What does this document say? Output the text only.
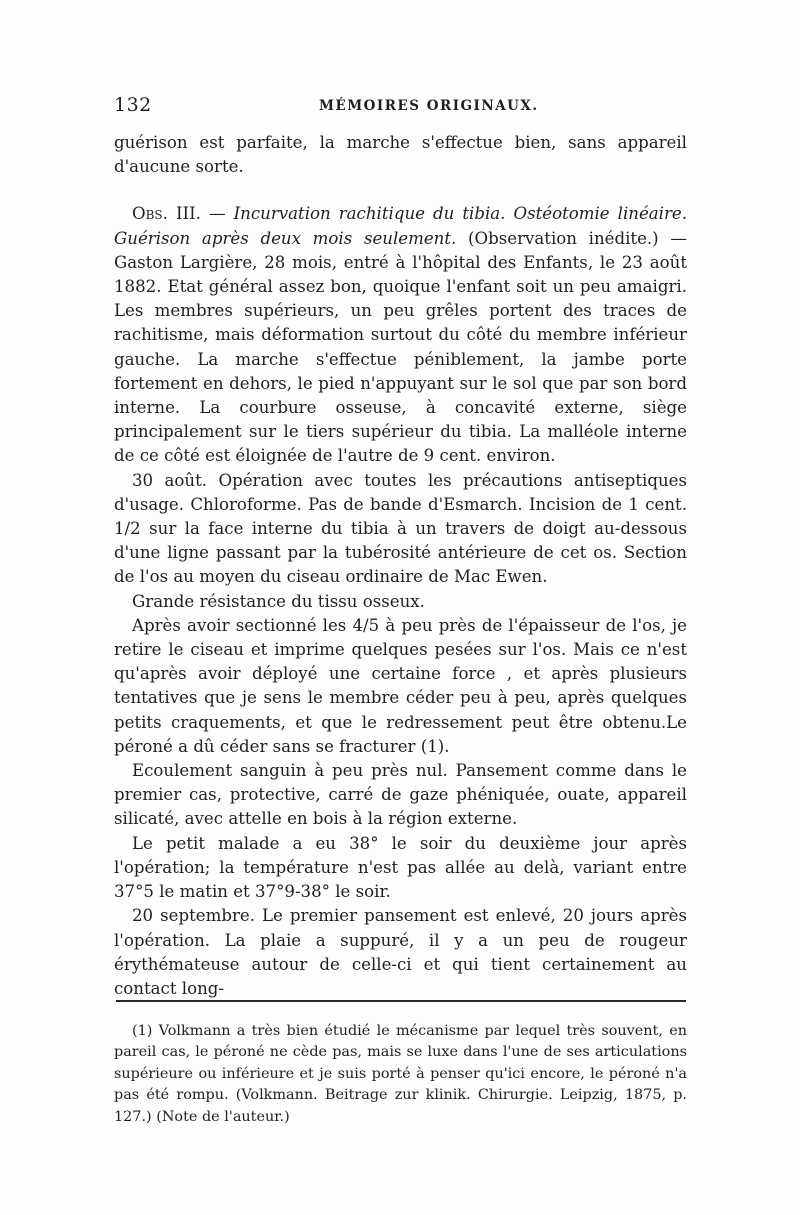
132	MÉMOIRES ORIGINAUX.

guérison est parfaite, la marche s'effectue bien, sans appareil d'aucune sorte.

Obs. III. — Incurvation rachitique du tibia. Ostéotomie linéaire. Guérison après deux mois seulement. (Observation inédite.) — Gaston Largière, 28 mois, entré à l'hôpital des Enfants, le 23 août 1882. Etat général assez bon, quoique l'enfant soit un peu amaigri. Les membres supérieurs, un peu grêles portent des traces de rachitisme, mais déformation surtout du côté du membre inférieur gauche. La marche s'effectue péniblement, la jambe porte fortement en dehors, le pied n'appuyant sur le sol que par son bord interne. La courbure osseuse, à concavité externe, siège principalement sur le tiers supérieur du tibia. La malléole interne de ce côté est éloignée de l'autre de 9 cent. environ.

30 août. Opération avec toutes les précautions antiseptiques d'usage. Chloroforme. Pas de bande d'Esmarch. Incision de 1 cent. 1/2 sur la face interne du tibia à un travers de doigt au-dessous d'une ligne passant par la tubérosité antérieure de cet os. Section de l'os au moyen du ciseau ordinaire de Mac Ewen.

Grande résistance du tissu osseux.

Après avoir sectionné les 4/5 à peu près de l'épaisseur de l'os, je retire le ciseau et imprime quelques pesées sur l'os. Mais ce n'est qu'après avoir déployé une certaine force , et après plusieurs tentatives que je sens le membre céder peu à peu, après quelques petits craquements, et que le redressement peut être obtenu.Le péroné a dû céder sans se fracturer (1).

Ecoulement sanguin à peu près nul. Pansement comme dans le premier cas, protective, carré de gaze phéniquée, ouate, appareil silicaté, avec attelle en bois à la région externe.

Le petit malade a eu 38° le soir du deuxième jour après l'opération; la température n'est pas allée au delà, variant entre 37°5 le matin et 37°9-38° le soir.

20 septembre. Le premier pansement est enlevé, 20 jours après l'opération. La plaie a suppuré, il y a un peu de rougeur érythémateuse autour de celle-ci et qui tient certainement au contact long-

(1) Volkmann a très bien étudié le mécanisme par lequel très souvent, en pareil cas, le péroné ne cède pas, mais se luxe dans l'une de ses articulations supérieure ou inférieure et je suis porté à penser qu'ici encore, le péroné n'a pas été rompu. (Volkmann. Beitrage zur klinik. Chirurgie. Leipzig, 1875, p. 127.) (Note de l'auteur.)
